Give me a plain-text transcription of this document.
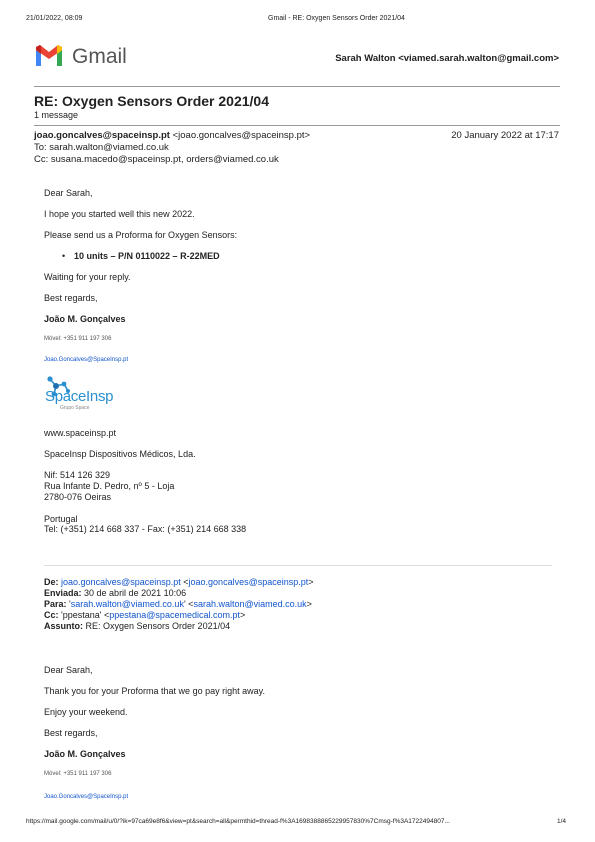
21/01/2022, 08:09	Gmail - RE: Oxygen Sensors Order 2021/04
Gmail	Sarah Walton <viamed.sarah.walton@gmail.com>
RE: Oxygen Sensors Order 2021/04
1 message
joao.goncalves@spaceinsp.pt <joao.goncalves@spaceinsp.pt>	20 January 2022 at 17:17
To: sarah.walton@viamed.co.uk
Cc: susana.macedo@spaceinsp.pt, orders@viamed.co.uk
Dear Sarah,
I hope you started well this new 2022.
Please send us a Proforma for Oxygen Sensors:
• 10 units – P/N 0110022 – R-22MED
Waiting for your reply.
Best regards,
João M. Gonçalves
Móvel: +351 911 197 306
Joao.Goncalves@SpaceInsp.pt
SpaceInsp
Grupo Space
www.spaceinsp.pt
SpaceInsp Dispositivos Médicos, Lda.
Nif: 514 126 329
Rua Infante D. Pedro, nº 5 - Loja
2780-076 Oeiras
Portugal
Tel: (+351) 214 668 337 - Fax: (+351) 214 668 338
De: joao.goncalves@spaceinsp.pt <joao.goncalves@spaceinsp.pt>
Enviada: 30 de abril de 2021 10:06
Para: 'sarah.walton@viamed.co.uk' <sarah.walton@viamed.co.uk>
Cc: 'ppestana' <ppestana@spacemedical.com.pt>
Assunto: RE: Oxygen Sensors Order 2021/04
Dear Sarah,
Thank you for your Proforma that we go pay right away.
Enjoy your weekend.
Best regards,
João M. Gonçalves
Móvel: +351 911 197 306
Joao.Goncalves@SpaceInsp.pt
https://mail.google.com/mail/u/0/?ik=97ca69e8f6&view=pt&search=all&permthid=thread-f%3A1698388865229957830%7Cmsg-f%3A1722494807...	1/4
